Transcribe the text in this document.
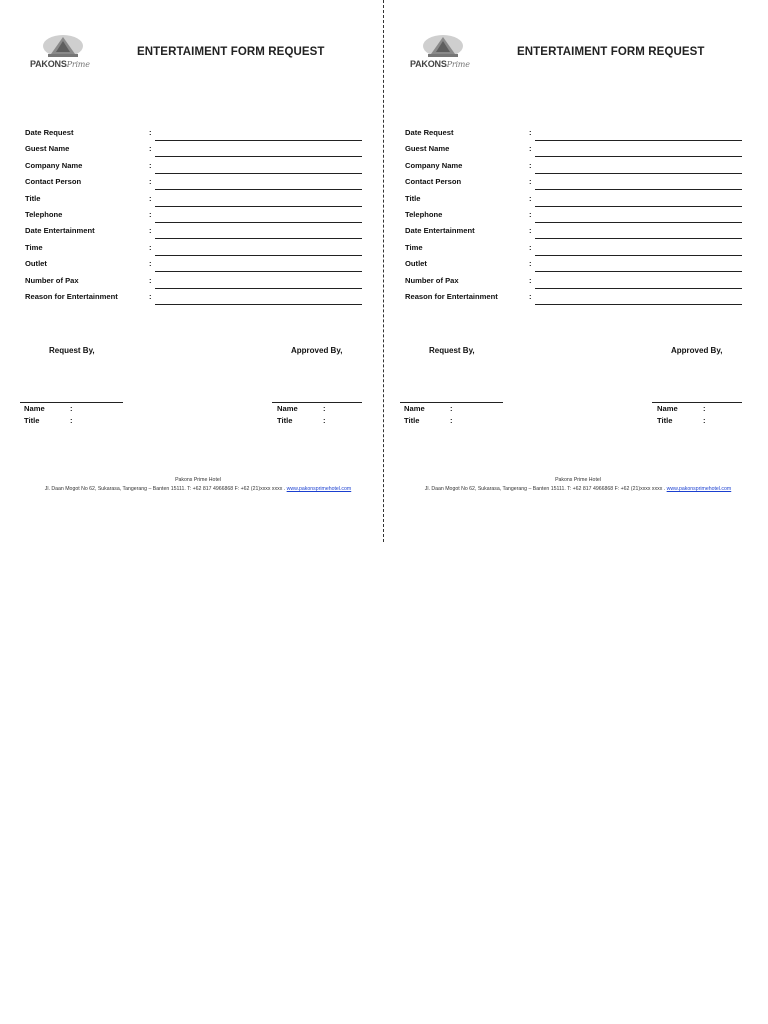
PAKONSPrime
ENTERTAIMENT FORM REQUEST
Date Request	:
Guest Name	:
Company Name	:
Contact Person	:
Title	:
Telephone	:
Date Entertainment	:
Time	:
Outlet	:
Number of Pax	:
Reason for Entertainment	:
Request By,	Approved By,
Name	:
Title	:
Name	:
Title	:
Pakons Prime Hotel
Jl. Daan Mogot No 62, Sukarasa, Tangerang – Banten 15111. T: +62 817 4966868 F: +62 (21)xxxx xxxx . www.pakonsprimehotel.com
PAKONSPrime
ENTERTAIMENT FORM REQUEST
Date Request	:
Guest Name	:
Company Name	:
Contact Person	:
Title	:
Telephone	:
Date Entertainment	:
Time	:
Outlet	:
Number of Pax	:
Reason for Entertainment	:
Request By,	Approved By,
Name	:
Title	:
Name	:
Title	:
Pakons Prime Hotel
Jl. Daan Mogot No 62, Sukarasa, Tangerang – Banten 15111. T: +62 817 4966868 F: +62 (21)xxxx xxxx . www.pakonsprimehotel.com
